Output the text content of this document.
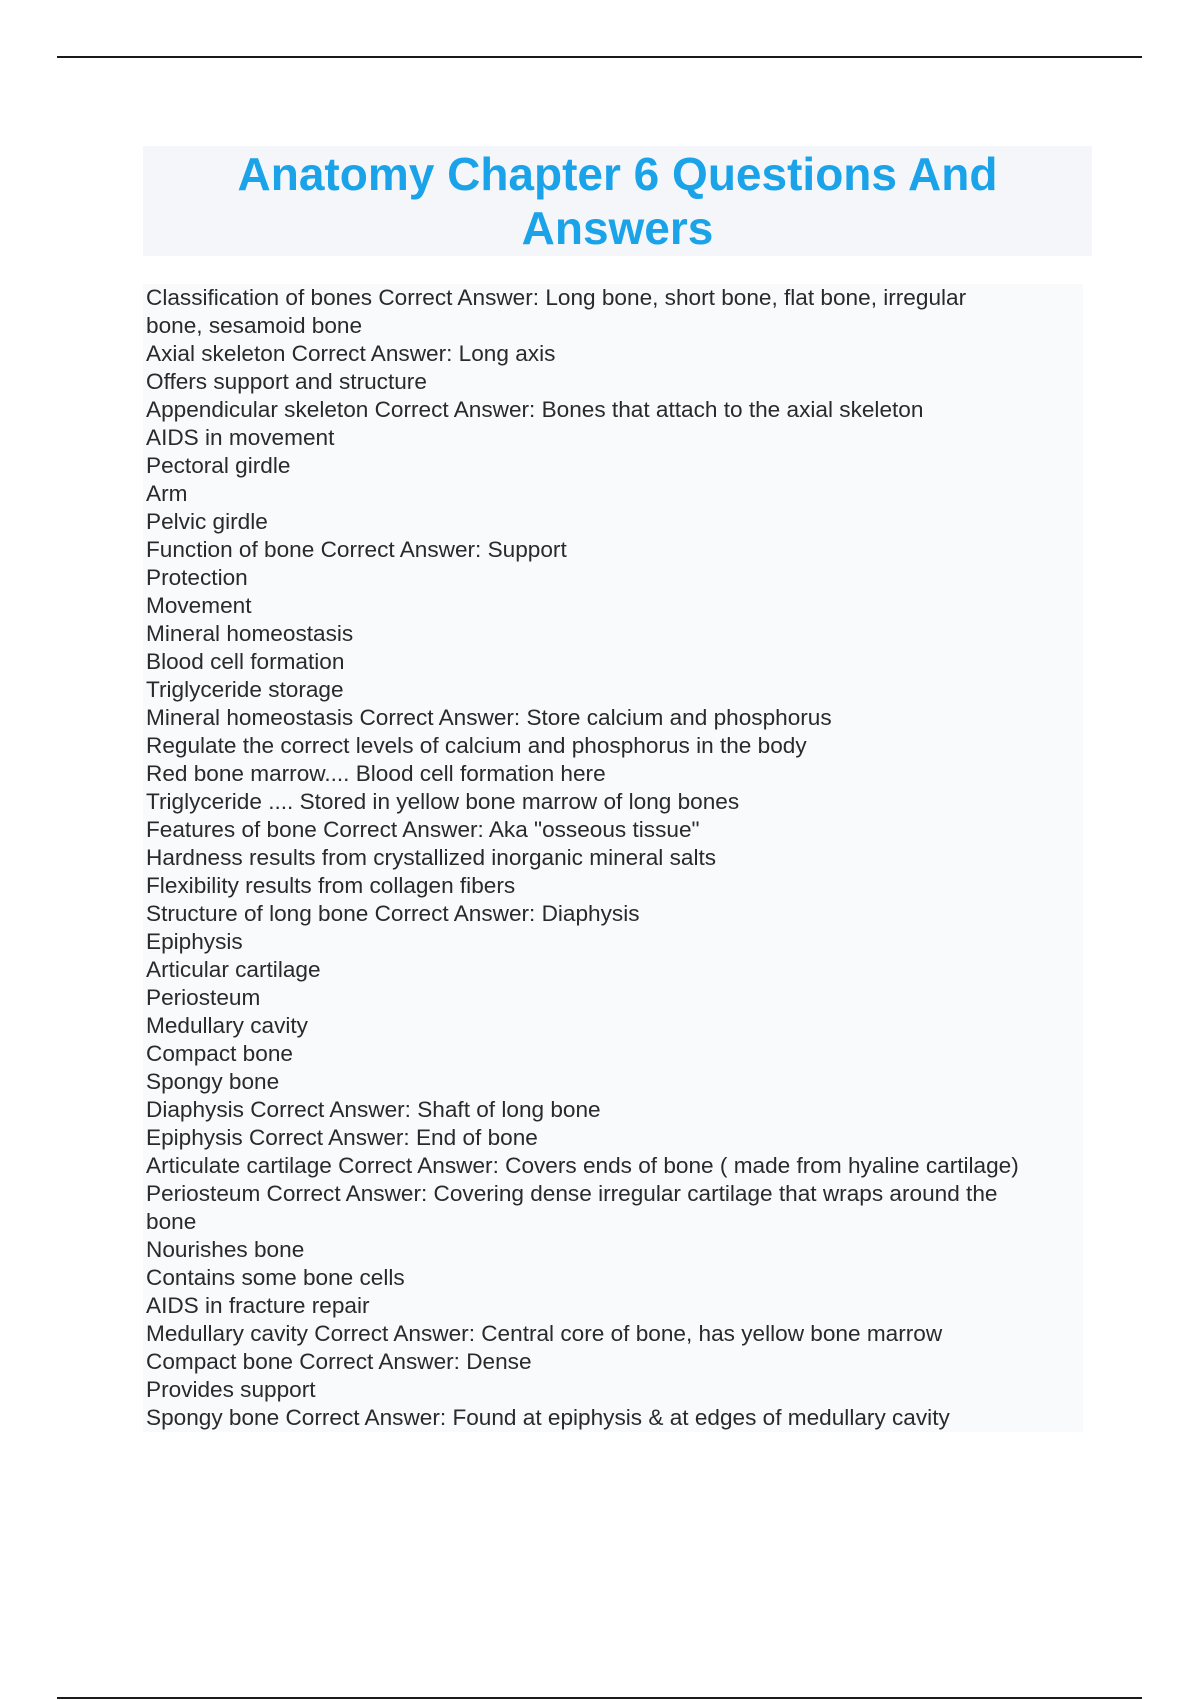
Anatomy Chapter 6 Questions And Answers
Classification of bones Correct Answer: Long bone, short bone, flat bone, irregular
bone, sesamoid bone
Axial skeleton Correct Answer: Long axis
Offers support and structure
Appendicular skeleton Correct Answer: Bones that attach to the axial skeleton
AIDS in movement
Pectoral girdle
Arm
Pelvic girdle
Function of bone Correct Answer: Support
Protection
Movement
Mineral homeostasis
Blood cell formation
Triglyceride storage
Mineral homeostasis Correct Answer: Store calcium and phosphorus
Regulate the correct levels of calcium and phosphorus in the body
Red bone marrow.... Blood cell formation here
Triglyceride .... Stored in yellow bone marrow of long bones
Features of bone Correct Answer: Aka "osseous tissue"
Hardness results from crystallized inorganic mineral salts
Flexibility results from collagen fibers
Structure of long bone Correct Answer: Diaphysis
Epiphysis
Articular cartilage
Periosteum
Medullary cavity
Compact bone
Spongy bone
Diaphysis Correct Answer: Shaft of long bone
Epiphysis Correct Answer: End of bone
Articulate cartilage Correct Answer: Covers ends of bone ( made from hyaline cartilage)
Periosteum Correct Answer: Covering dense irregular cartilage that wraps around the
bone
Nourishes bone
Contains some bone cells
AIDS in fracture repair
Medullary cavity Correct Answer: Central core of bone, has yellow bone marrow
Compact bone Correct Answer: Dense
Provides support
Spongy bone Correct Answer: Found at epiphysis & at edges of medullary cavity
